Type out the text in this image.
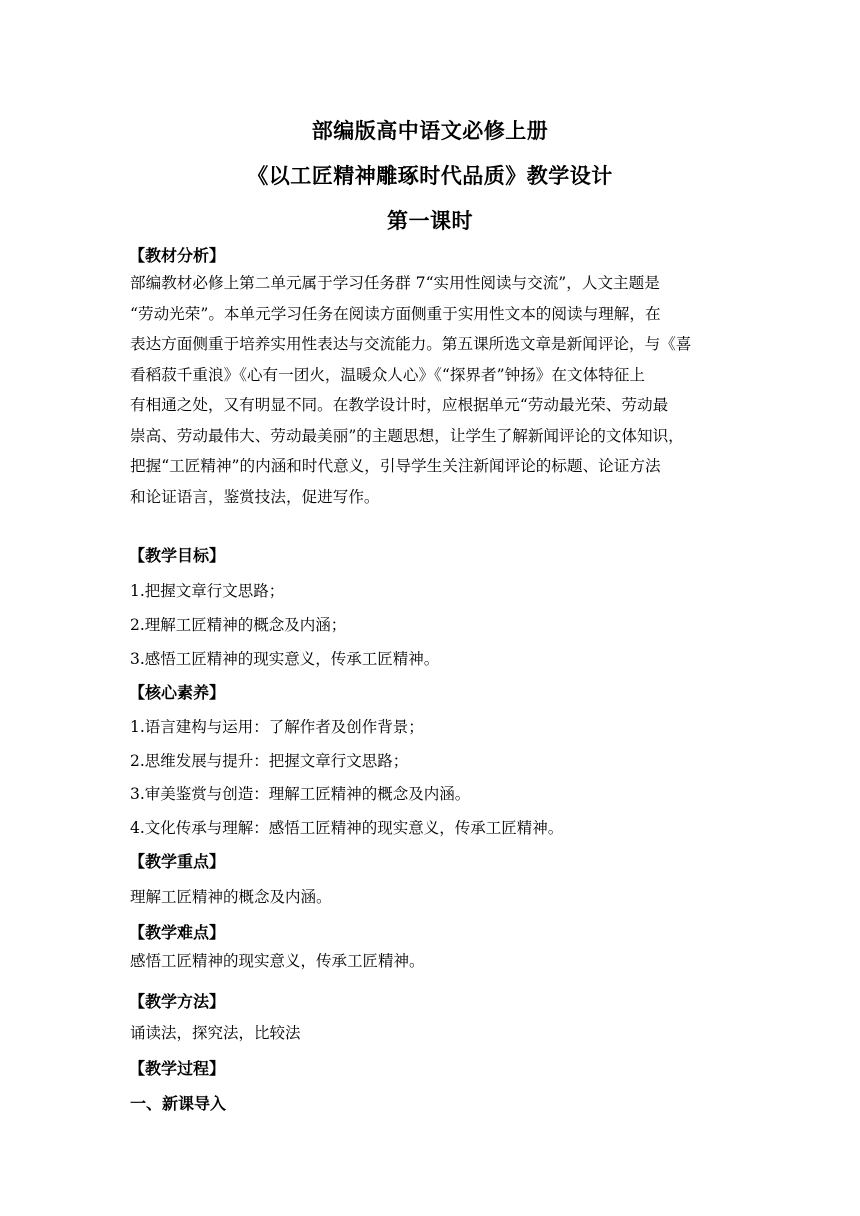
部编版高中语文必修上册
《以工匠精神雕琢时代品质》教学设计
第一课时
【教材分析】

部编教材必修上第二单元属于学习任务群 7“实用性阅读与交流”，人文主题是

“劳动光荣”。本单元学习任务在阅读方面侧重于实用性文本的阅读与理解，在

表达方面侧重于培养实用性表达与交流能力。第五课所选文章是新闻评论，与《喜

看稻菽千重浪》《心有一团火，温暖众人心》《“探界者”钟扬》在文体特征上

有相通之处，又有明显不同。在教学设计时，应根据单元“劳动最光荣、劳动最

崇高、劳动最伟大、劳动最美丽”的主题思想，让学生了解新闻评论的文体知识，

把握“工匠精神”的内涵和时代意义，引导学生关注新闻评论的标题、论证方法

和论证语言，鉴赏技法，促进写作。

【教学目标】
1.把握文章行文思路；
2.理解工匠精神的概念及内涵；
3.感悟工匠精神的现实意义，传承工匠精神。
【核心素养】
1.语言建构与运用：了解作者及创作背景；
2.思维发展与提升：把握文章行文思路；
3.审美鉴赏与创造：理解工匠精神的概念及内涵。
4.文化传承与理解：感悟工匠精神的现实意义，传承工匠精神。
【教学重点】
理解工匠精神的概念及内涵。
【教学难点】
感悟工匠精神的现实意义，传承工匠精神。
【教学方法】
诵读法，探究法，比较法
【教学过程】
一、新课导入
